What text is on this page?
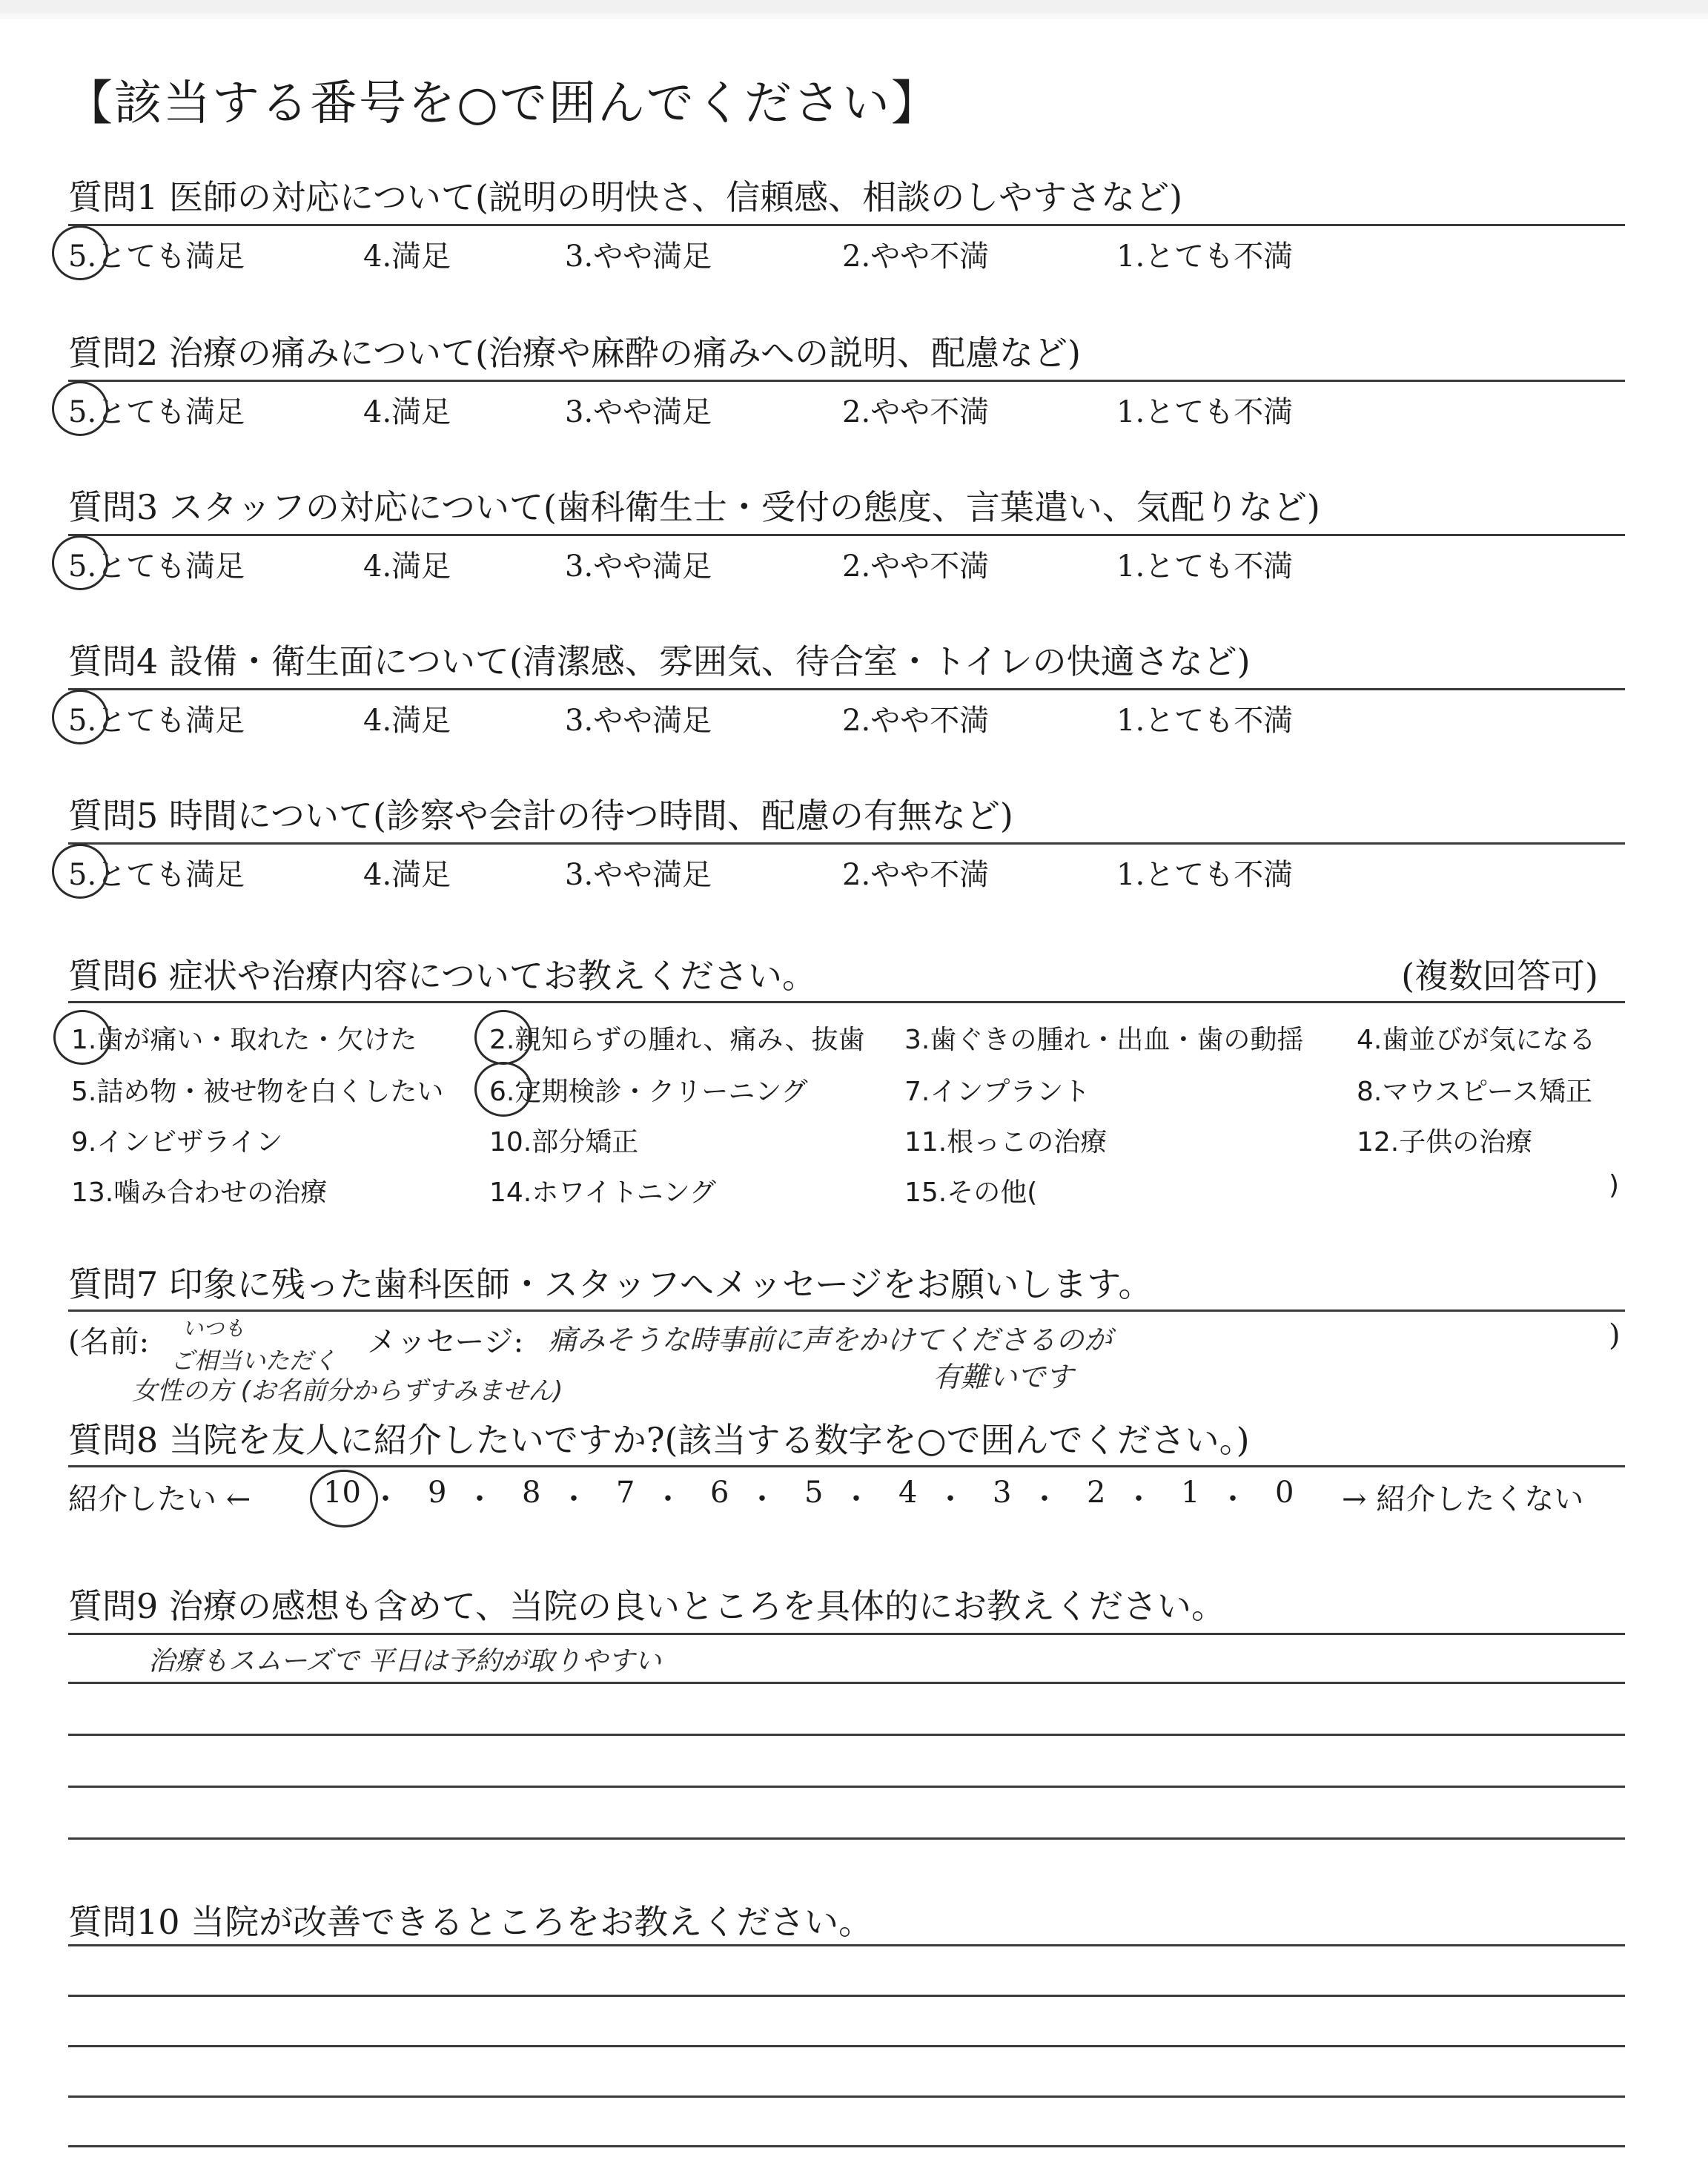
【該当する番号を○で囲んでください】
質問1 医師の対応について(説明の明快さ、信頼感、相談のしやすさなど)
5.とても満足	4.満足	3.やや満足	2.やや不満	1.とても不満
質問2 治療の痛みについて(治療や麻酔の痛みへの説明、配慮など)
5.とても満足	4.満足	3.やや満足	2.やや不満	1.とても不満
質問3 スタッフの対応について(歯科衛生士・受付の態度、言葉遣い、気配りなど)
5.とても満足	4.満足	3.やや満足	2.やや不満	1.とても不満
質問4 設備・衛生面について(清潔感、雰囲気、待合室・トイレの快適さなど)
5.とても満足	4.満足	3.やや満足	2.やや不満	1.とても不満
質問5 時間について(診察や会計の待つ時間、配慮の有無など)
5.とても満足	4.満足	3.やや満足	2.やや不満	1.とても不満
質問6 症状や治療内容についてお教えください。	(複数回答可)
1.歯が痛い・取れた・欠けた	2.親知らずの腫れ、痛み、抜歯 3.歯ぐきの腫れ・出血・歯の動揺 4.歯並びが気になる
5.詰め物・被せ物を白くしたい 6.定期検診・クリーニング	7.インプラント	8.マウスピース矯正
9.インビザライン	10.部分矯正	11.根っこの治療	12.子供の治療
13.噛み合わせの治療	14.ホワイトニング	15.その他(	)
質問7 印象に残った歯科医師・スタッフへメッセージをお願いします。
(名前: いつも
ご相当いただく
女性の方 (お名前分からずすみません)
メッセージ: 痛みそうな時事前に声をかけてくださるのが
有難いです
)
質問8 当院を友人に紹介したいですか?(該当する数字を○で囲んでください。)
紹介したい ← 10 ・ 9 ・ 8 ・ 7 ・ 6 ・ 5 ・ 4 ・ 3 ・ 2 ・ 1 ・ 0 → 紹介したくない
質問9 治療の感想も含めて、当院の良いところを具体的にお教えください。
治療もスムーズで 平日は予約が取りやすい
質問10 当院が改善できるところをお教えください。
